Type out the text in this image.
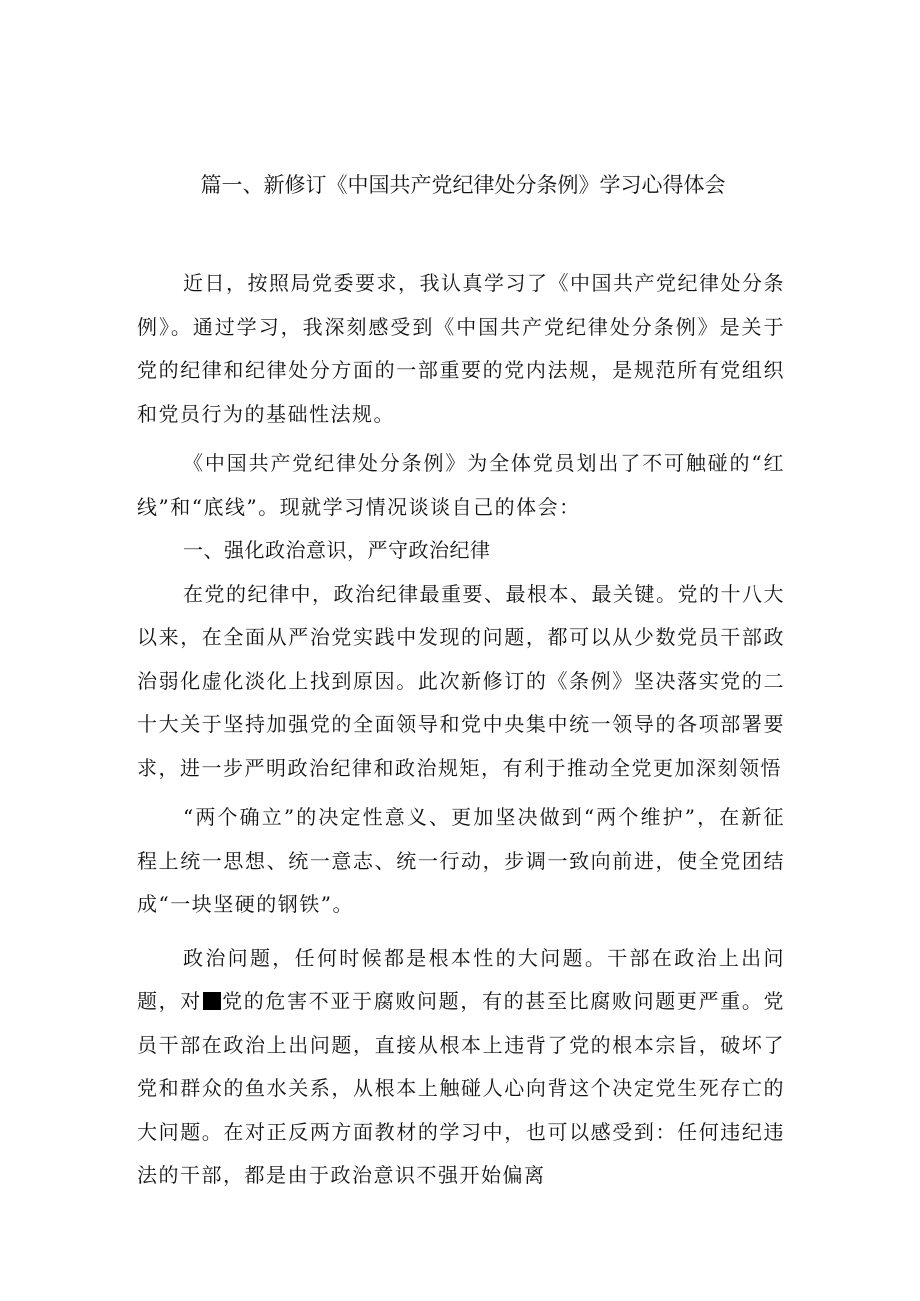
篇一、新修订《中国共产党纪律处分条例》学习心得体会

近日，按照局党委要求，我认真学习了《中国共产党纪律处分条例》。通过学习，我深刻感受到《中国共产党纪律处分条例》是关于党的纪律和纪律处分方面的一部重要的党内法规，是规范所有党组织和党员行为的基础性法规。

《中国共产党纪律处分条例》为全体党员划出了不可触碰的“红线”和“底线”。现就学习情况谈谈自己的体会：

一、强化政治意识，严守政治纪律

在党的纪律中，政治纪律最重要、最根本、最关键。党的十八大以来，在全面从严治党实践中发现的问题，都可以从少数党员干部政治弱化虚化淡化上找到原因。此次新修订的《条例》坚决落实党的二十大关于坚持加强党的全面领导和党中央集中统一领导的各项部署要求，进一步严明政治纪律和政治规矩，有利于推动全党更加深刻领悟

“两个确立”的决定性意义、更加坚决做到“两个维护”，在新征程上统一思想、统一意志、统一行动，步调一致向前进，使全党团结成“一块坚硬的钢铁”。

政治问题，任何时候都是根本性的大问题。干部在政治上出问题，对 党的危害不亚于腐败问题，有的甚至比腐败问题更严重。党员干部在政治上出问题，直接从根本上违背了党的根本宗旨，破坏了党和群众的鱼水关系，从根本上触碰人心向背这个决定党生死存亡的大问题。在对正反两方面教材的学习中，也可以感受到：任何违纪违法的干部，都是由于政治意识不强开始偏离
